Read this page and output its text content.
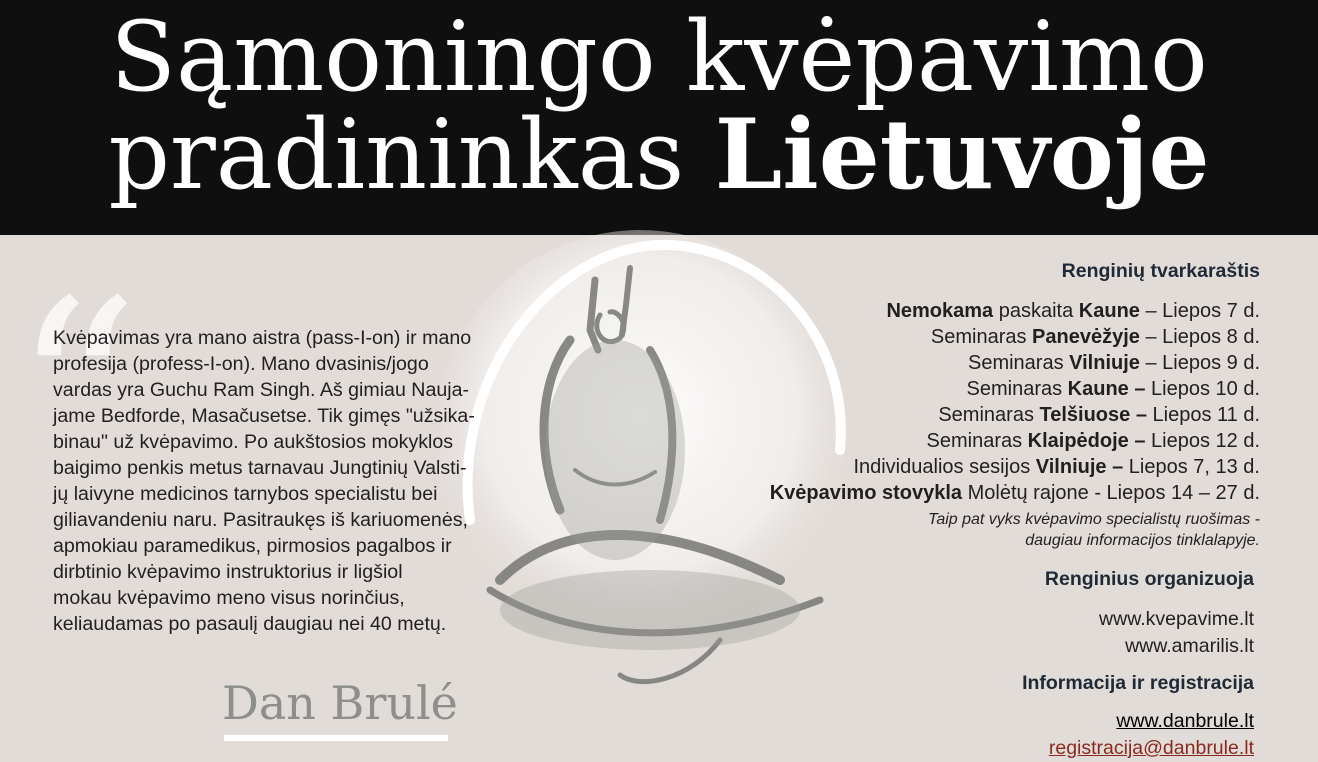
Sąmoningo kvėpavimo
pradininkas Lietuvoje
“
Kvėpavimas yra mano aistra (pass-I-on) ir mano
profesija (profess-I-on). Mano dvasinis/jogo
vardas yra Guchu Ram Singh. Aš gimiau Nauja-
jame Bedforde, Masačusetse. Tik gimęs "užsika-
binau" už kvėpavimo. Po aukštosios mokyklos
baigimo penkis metus tarnavau Jungtinių Valsti-
jų laivyne medicinos tarnybos specialistu bei
giliavandeniu naru. Pasitraukęs iš kariuomenės,
apmokiau paramedikus, pirmosios pagalbos ir
dirbtinio kvėpavimo instruktorius ir ligšiol
mokau kvėpavimo meno visus norinčius,
keliaudamas po pasaulį daugiau nei 40 metų.
Dan Brulé
Renginių tvarkaraštis
Nemokama paskaita Kaune – Liepos 7 d.
Seminaras Panevėžyje – Liepos 8 d.
Seminaras Vilniuje – Liepos 9 d.
Seminaras Kaune – Liepos 10 d.
Seminaras Telšiuose – Liepos 11 d.
Seminaras Klaipėdoje – Liepos 12 d.
Individualios sesijos Vilniuje – Liepos 7, 13 d.
Kvėpavimo stovykla Molėtų rajone - Liepos 14 – 27 d.
Taip pat vyks kvėpavimo specialistų ruošimas -
daugiau informacijos tinklalapyje.
Renginius organizuoja
www.kvepavime.lt
www.amarilis.lt
Informacija ir registracija
www.danbrule.lt
registracija@danbrule.lt
